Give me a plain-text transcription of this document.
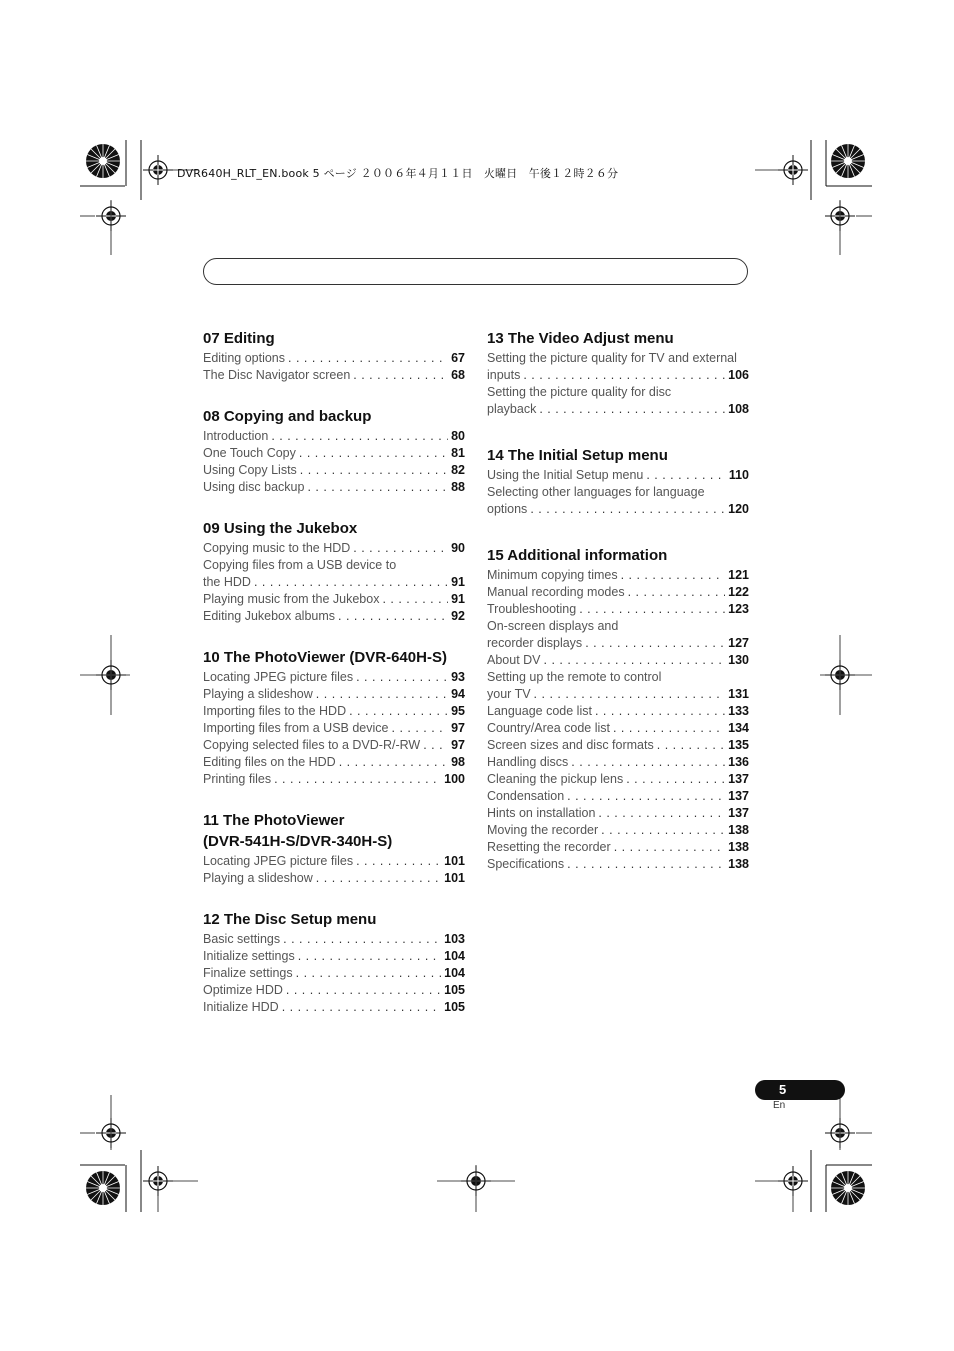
DVR640H_RLT_EN.book 5 ページ ２００６年４月１１日　火曜日　午後１２時２６分
07 Editing
Editing options . . .	67
The Disc Navigator screen . . .	68
08 Copying and backup
Introduction . . .	80
One Touch Copy . . .	81
Using Copy Lists . . .	82
Using disc backup . . .	88
09 Using the Jukebox
Copying music to the HDD . . .	90
Copying files from a USB device to
the HDD . . .	91
Playing music from the Jukebox . . .	91
Editing Jukebox albums . . .	92
10 The PhotoViewer (DVR-640H-S)
Locating JPEG picture files . . .	93
Playing a slideshow . . .	94
Importing files to the HDD . . .	95
Importing files from a USB device . . .	97
Copying selected files to a DVD-R/-RW . . . 97
Editing files on the HDD . . .	98
Printing files . . .	100
11 The PhotoViewer
(DVR-541H-S/DVR-340H-S)
Locating JPEG picture files . . .	101
Playing a slideshow . . .	101
12 The Disc Setup menu
Basic settings . . .	103
Initialize settings . . .	104
Finalize settings . . .	104
Optimize HDD . . .	105
Initialize HDD . . .	105
13 The Video Adjust menu
Setting the picture quality for TV and external
inputs . . .	106
Setting the picture quality for disc
playback . . .	108
14 The Initial Setup menu
Using the Initial Setup menu . . .	110
Selecting other languages for language
options . . .	120
15 Additional information
Minimum copying times . . .	121
Manual recording modes . . .	122
Troubleshooting . . .	123
On-screen displays and
recorder displays . . .	127
About DV . . .	130
Setting up the remote to control
your TV . . .	131
Language code list . . .	133
Country/Area code list . . .	134
Screen sizes and disc formats . . .	135
Handling discs . . .	136
Cleaning the pickup lens . . .	137
Condensation . . .	137
Hints on installation . . .	137
Moving the recorder . . .	138
Resetting the recorder . . .	138
Specifications . . .	138
5
En
